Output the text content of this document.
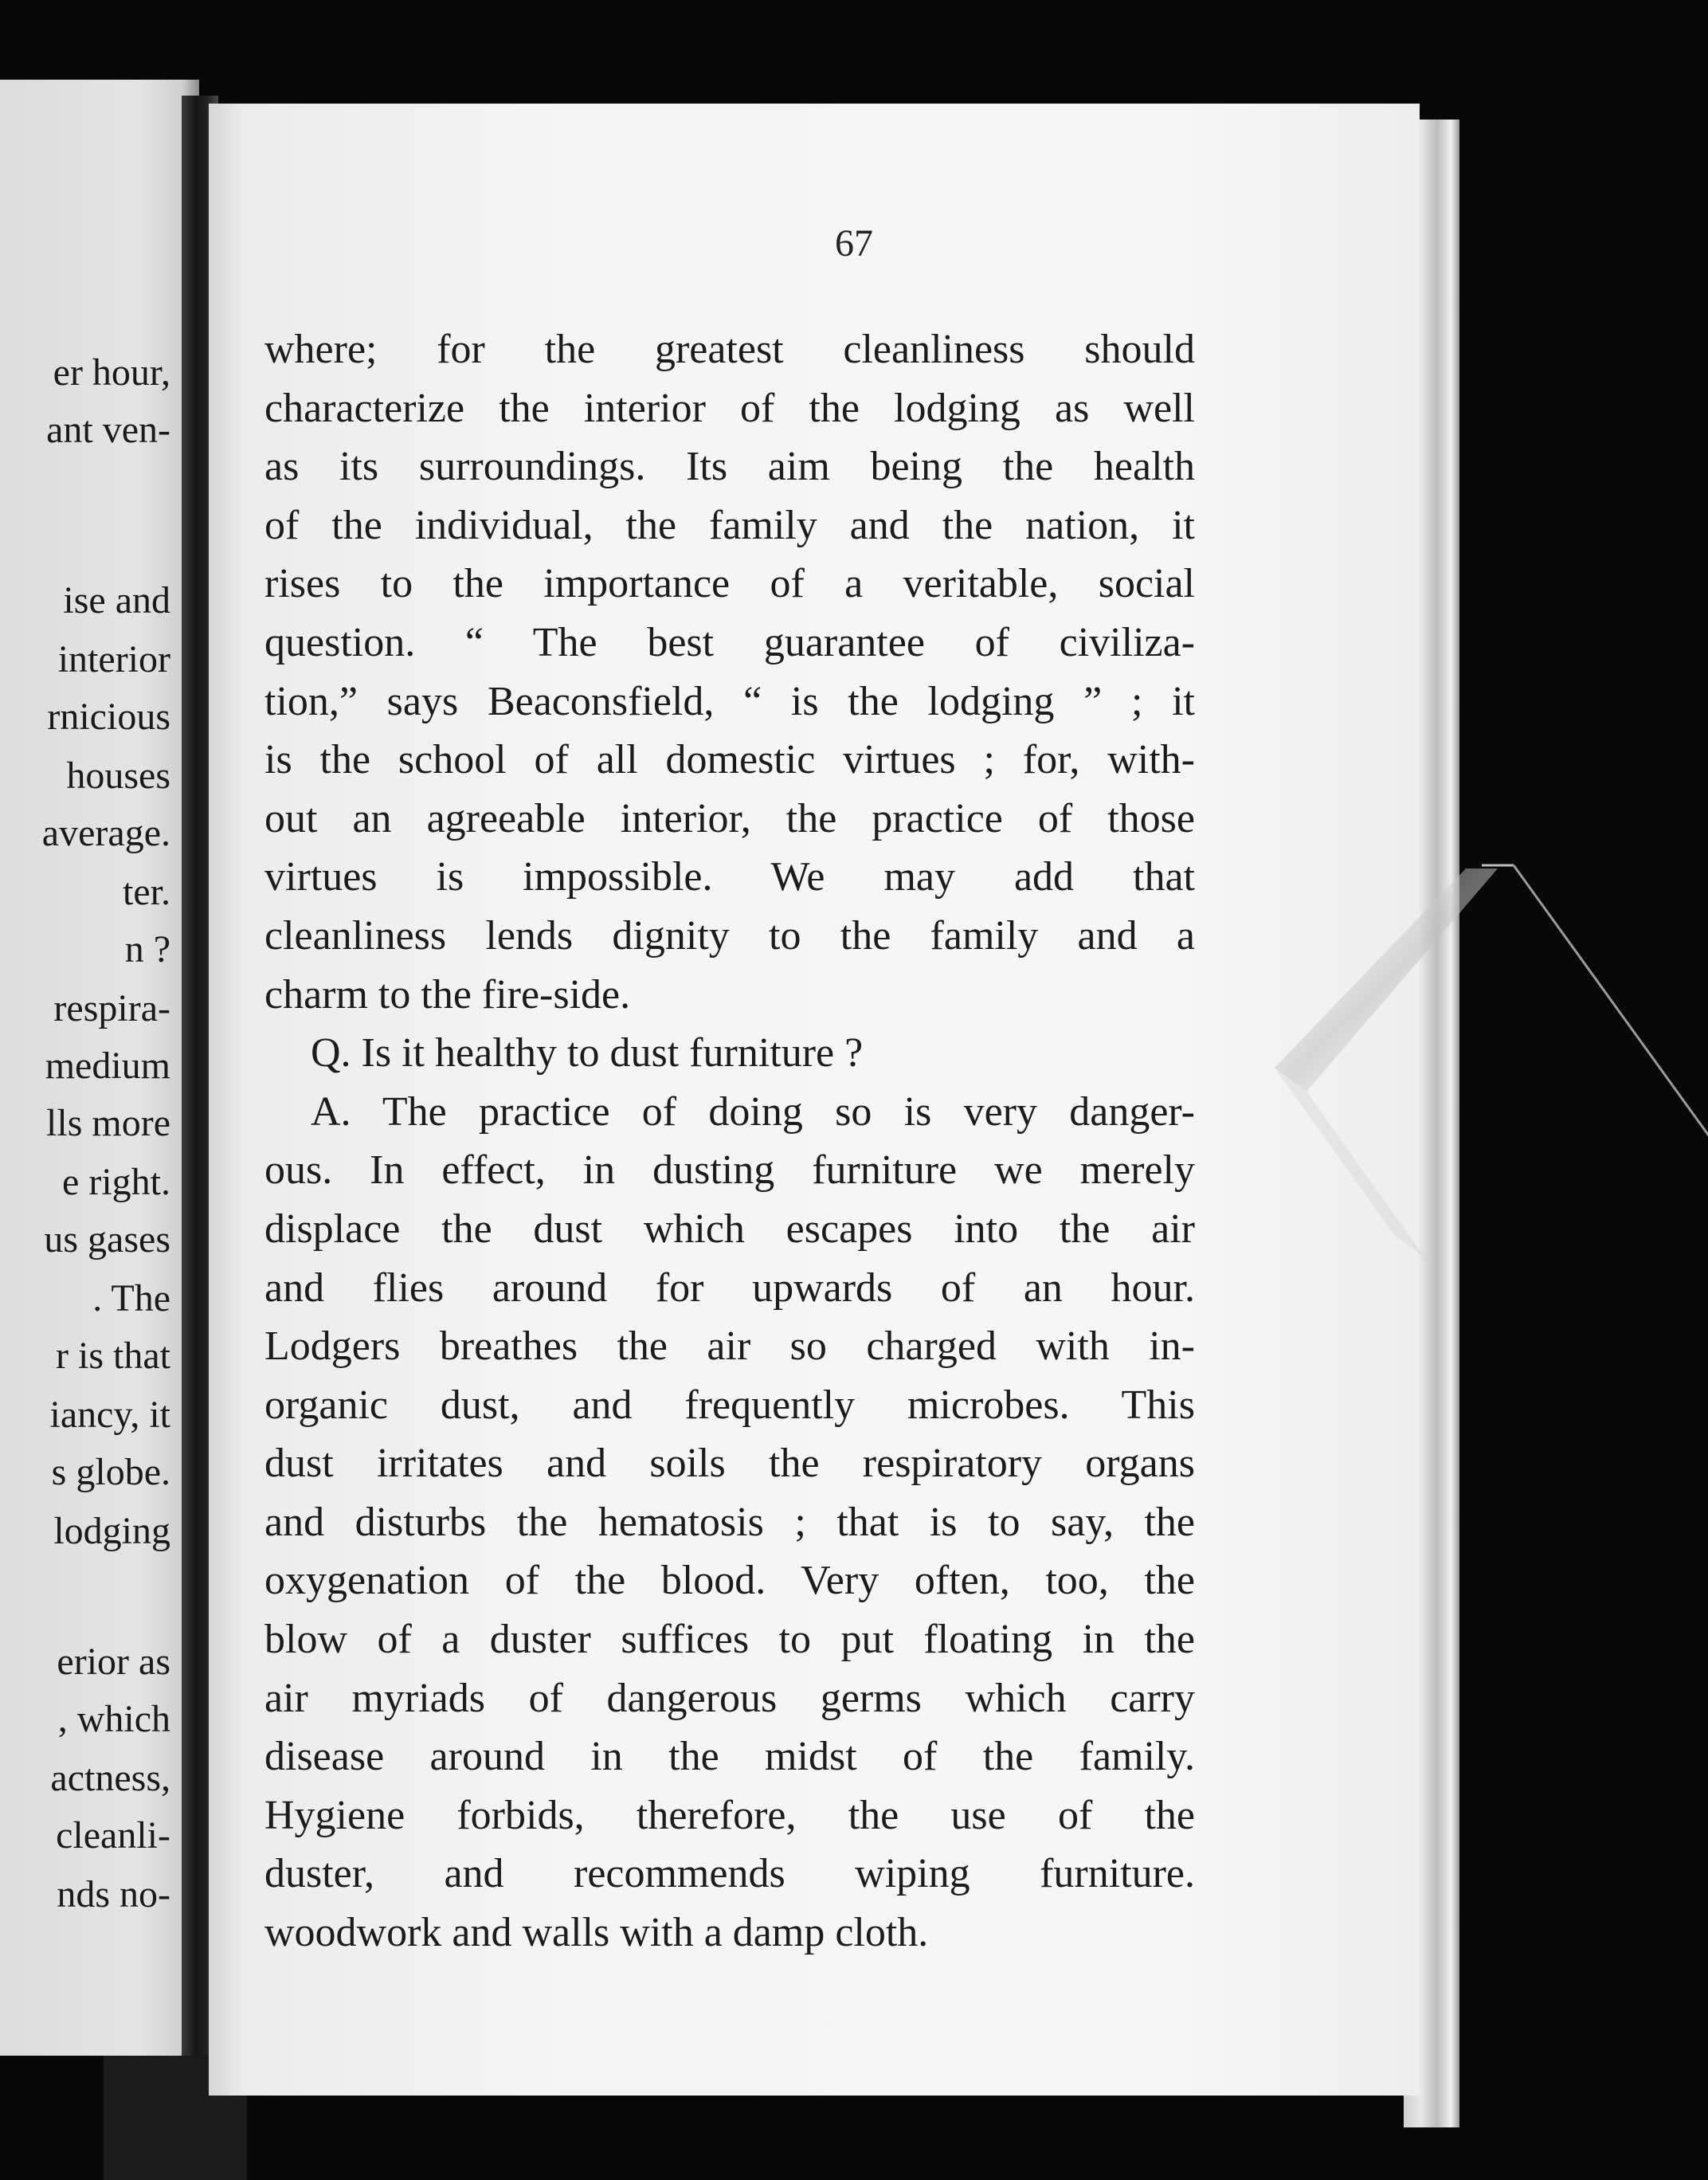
er hour,
ant ven-
ise and
interior
rnicious
houses
average.
ter.
n ?
respira-
medium
lls more
e right.
us gases
. The
r is that
iancy, it
s globe.
lodging
erior as
, which
actness,
cleanli-
nds no-
67
where; for the greatest cleanliness should
characterize the interior of the lodging as well
as its surroundings. Its aim being the health
of the individual, the family and the nation, it
rises to the importance of a veritable, social
question. “ The best guarantee of civiliza-
tion,” says Beaconsfield, “ is the lodging ” ; it
is the school of all domestic virtues ; for, with-
out an agreeable interior, the practice of those
virtues is impossible. We may add that
cleanliness lends dignity to the family and a
charm to the fire-side.
Q. Is it healthy to dust furniture ?
A. The practice of doing so is very danger-
ous. In effect, in dusting furniture we merely
displace the dust which escapes into the air
and flies around for upwards of an hour.
Lodgers breathes the air so charged with in-
organic dust, and frequently microbes. This
dust irritates and soils the respiratory organs
and disturbs the hematosis ; that is to say, the
oxygenation of the blood. Very often, too, the
blow of a duster suffices to put floating in the
air myriads of dangerous germs which carry
disease around in the midst of the family.
Hygiene forbids, therefore, the use of the
duster, and recommends wiping furniture.
woodwork and walls with a damp cloth.
